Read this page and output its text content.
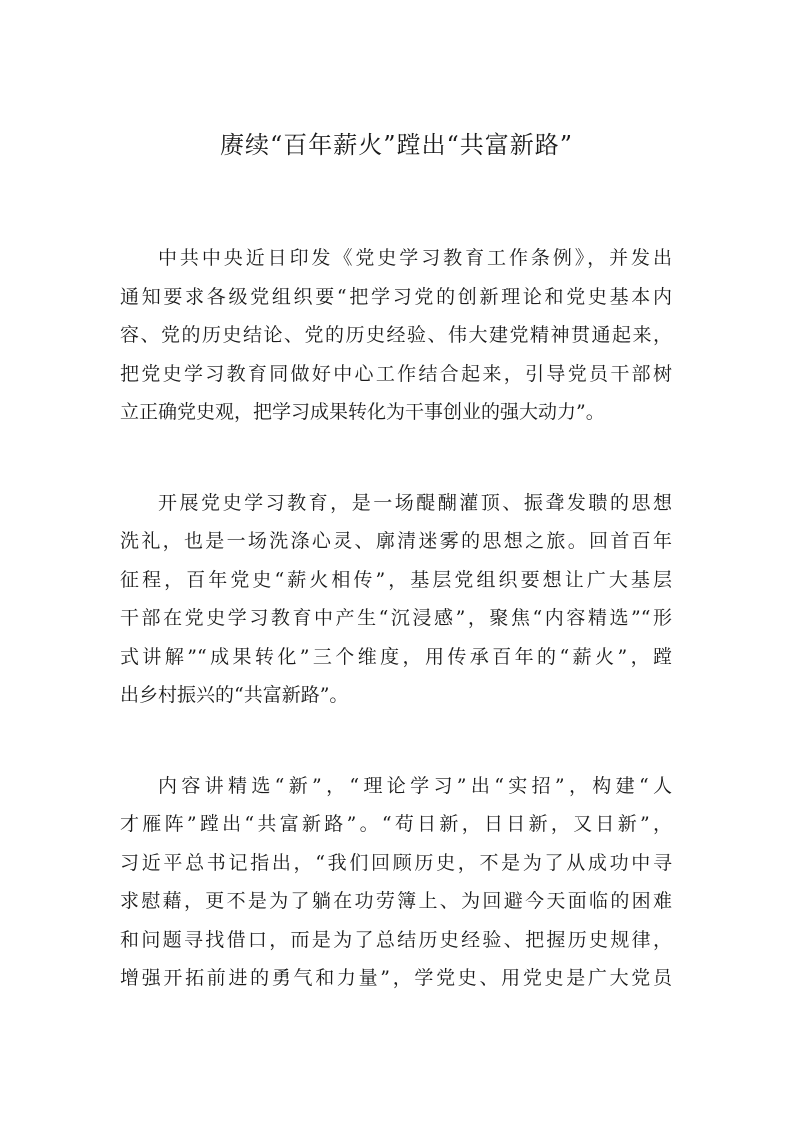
赓续“百年薪火”蹚出“共富新路”

中共中央近日印发《党史学习教育工作条例》，并发出
通知要求各级党组织要“把学习党的创新理论和党史基本内
容、党的历史结论、党的历史经验、伟大建党精神贯通起来，
把党史学习教育同做好中心工作结合起来，引导党员干部树
立正确党史观，把学习成果转化为干事创业的强大动力”。

开展党史学习教育，是一场醍醐灌顶、振聋发聩的思想
洗礼，也是一场洗涤心灵、廓清迷雾的思想之旅。回首百年
征程，百年党史“薪火相传”，基层党组织要想让广大基层
干部在党史学习教育中产生“沉浸感”，聚焦“内容精选”“形
式讲解”“成果转化”三个维度，用传承百年的“薪火”，蹚
出乡村振兴的“共富新路”。

内容讲精选“新”，“理论学习”出“实招”，构建“人
才雁阵”蹚出“共富新路”。“苟日新，日日新，又日新”，
习近平总书记指出，“我们回顾历史，不是为了从成功中寻
求慰藉，更不是为了躺在功劳簿上、为回避今天面临的困难
和问题寻找借口，而是为了总结历史经验、把握历史规律，
增强开拓前进的勇气和力量”，学党史、用党史是广大党员
